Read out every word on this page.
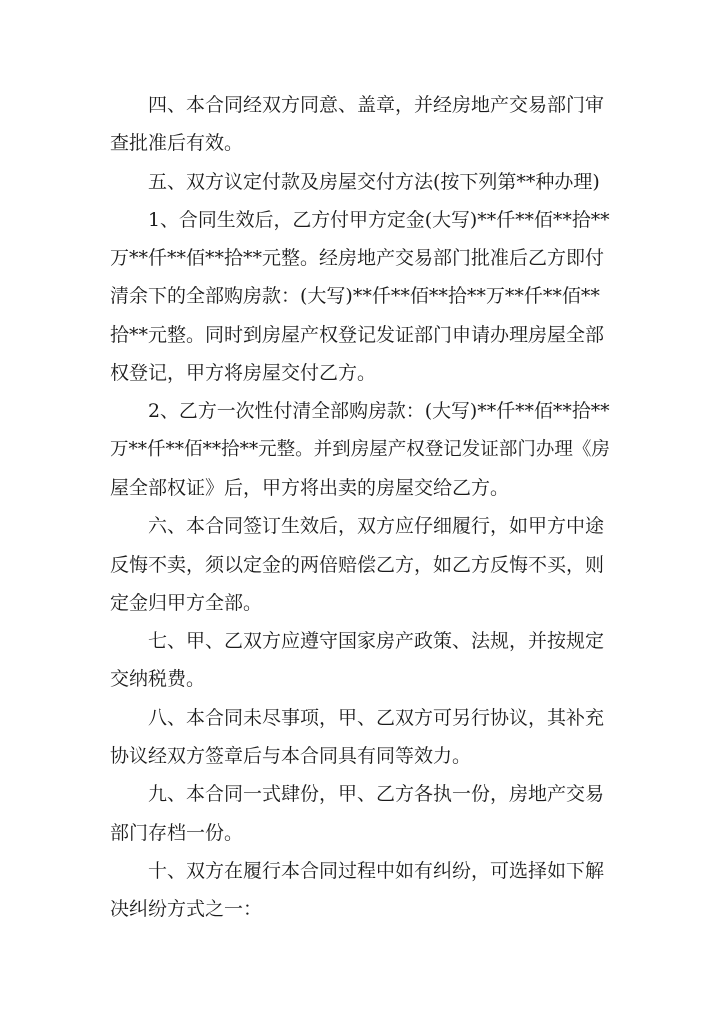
四、本合同经双方同意、盖章，并经房地产交易部门审
查批准后有效。
五、双方议定付款及房屋交付方法(按下列第**种办理)
1、合同生效后，乙方付甲方定金(大写)**仟**佰**拾**
万**仟**佰**拾**元整。经房地产交易部门批准后乙方即付
清余下的全部购房款：(大写)**仟**佰**拾**万**仟**佰**
拾**元整。同时到房屋产权登记发证部门申请办理房屋全部
权登记，甲方将房屋交付乙方。
2、乙方一次性付清全部购房款：(大写)**仟**佰**拾**
万**仟**佰**拾**元整。并到房屋产权登记发证部门办理《房
屋全部权证》后，甲方将出卖的房屋交给乙方。
六、本合同签订生效后，双方应仔细履行，如甲方中途
反悔不卖，须以定金的两倍赔偿乙方，如乙方反悔不买，则
定金归甲方全部。
七、甲、乙双方应遵守国家房产政策、法规，并按规定
交纳税费。
八、本合同未尽事项，甲、乙双方可另行协议，其补充
协议经双方签章后与本合同具有同等效力。
九、本合同一式肆份，甲、乙方各执一份，房地产交易
部门存档一份。
十、双方在履行本合同过程中如有纠纷，可选择如下解
决纠纷方式之一：
